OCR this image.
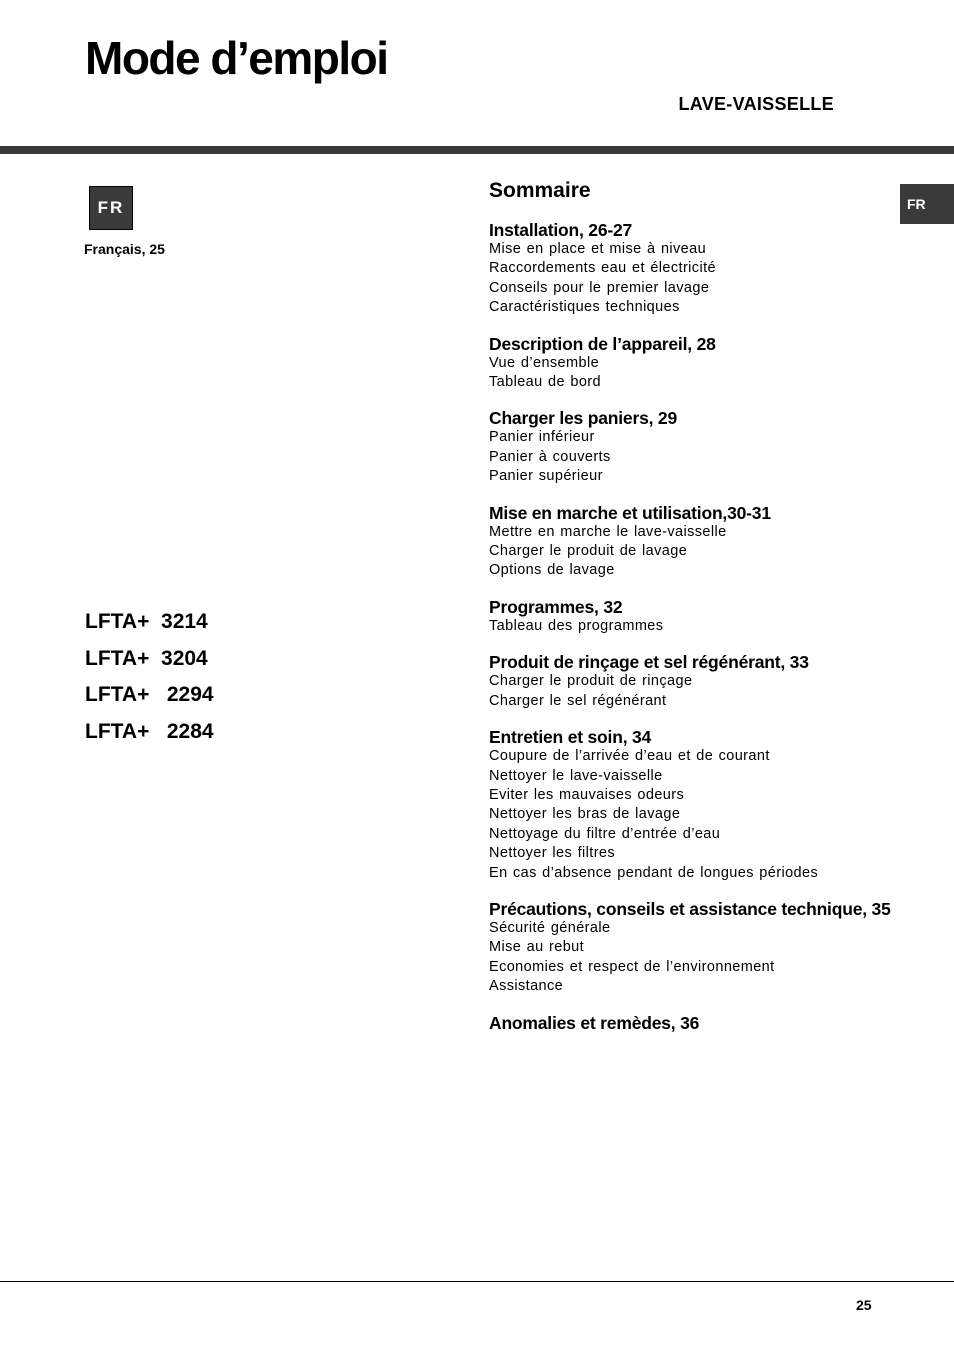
Mode d’emploi
LAVE-VAISSELLE
FR
Français, 25
FR
LFTA+  3214
LFTA+  3204
LFTA+   2294
LFTA+   2284
Sommaire
Installation, 26-27
Mise en place et mise à niveau
Raccordements eau et électricité
Conseils pour le premier lavage
Caractéristiques techniques
Description de l’appareil, 28
Vue d’ensemble
Tableau de bord
Charger les paniers, 29
Panier inférieur
Panier à couverts
Panier supérieur
Mise en marche et utilisation,30-31
Mettre en marche le lave-vaisselle
Charger le produit de lavage
Options de lavage
Programmes, 32
Tableau des programmes
Produit de rinçage et sel régénérant, 33
Charger le produit de rinçage
Charger le sel régénérant
Entretien et soin, 34
Coupure de l’arrivée d’eau et de courant
Nettoyer le lave-vaisselle
Eviter les mauvaises odeurs
Nettoyer les bras de lavage
Nettoyage du filtre d’entrée d’eau
Nettoyer les filtres
En cas d’absence pendant de longues périodes
Précautions, conseils et assistance technique, 35
Sécurité générale
Mise au rebut
Economies et respect de l’environnement
Assistance
Anomalies et remèdes, 36
25
